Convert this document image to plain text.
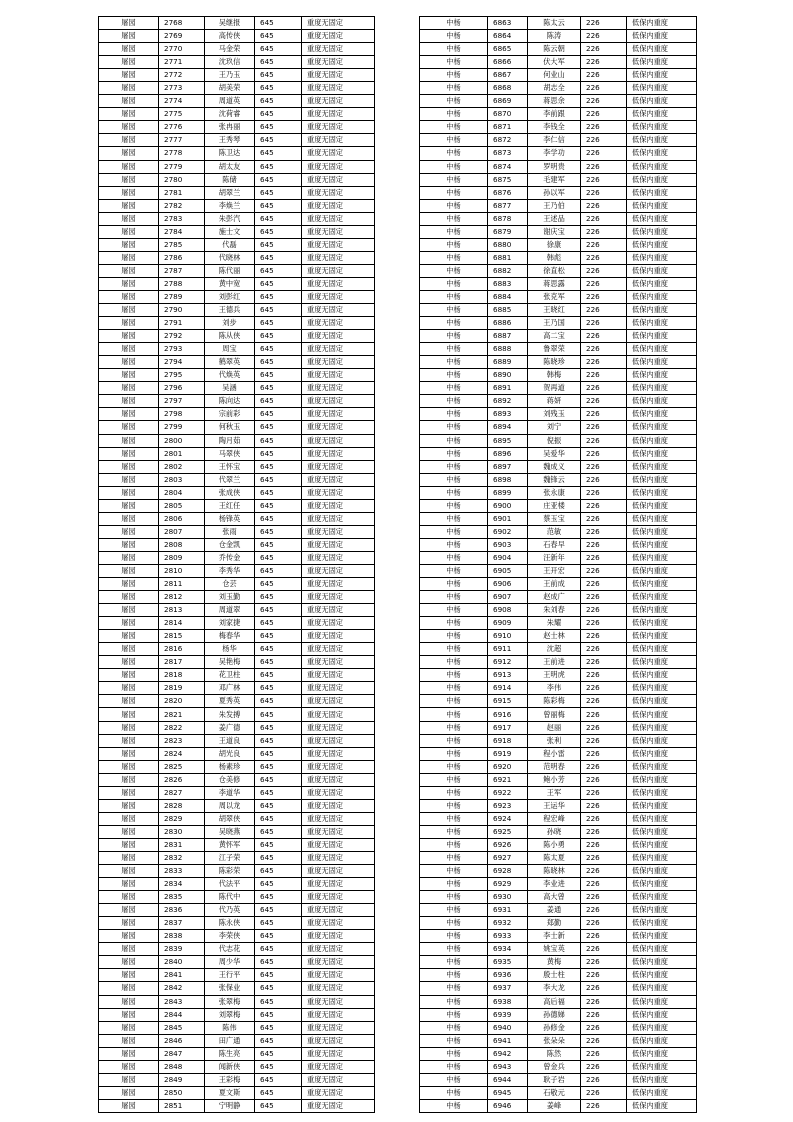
屠园	2768	吴继报	645	重度无固定
屠园	2769	高传侠	645	重度无固定
屠园	2770	马金荣	645	重度无固定
屠园	2771	沈玖信	645	重度无固定
屠园	2772	王乃玉	645	重度无固定
屠园	2773	胡美荣	645	重度无固定
屠园	2774	周道英	645	重度无固定
屠园	2775	沈荷睿	645	重度无固定
屠园	2776	张冉丽	645	重度无固定
屠园	2777	王秀琴	645	重度无固定
屠园	2778	陈卫达	645	重度无固定
屠园	2779	胡太友	645	重度无固定
屠园	2780	陈储	645	重度无固定
屠园	2781	胡翠兰	645	重度无固定
屠园	2782	李焕兰	645	重度无固定
屠园	2783	朱彭汽	645	重度无固定
屠园	2784	施士文	645	重度无固定
屠园	2785	代磊	645	重度无固定
屠园	2786	代晓林	645	重度无固定
屠园	2787	陈代丽	645	重度无固定
屠园	2788	黄中宽	645	重度无固定
屠园	2789	刘彭红	645	重度无固定
屠园	2790	王德兵	645	重度无固定
屠园	2791	刘步	645	重度无固定
屠园	2792	陈从侠	645	重度无固定
屠园	2793	周宝	645	重度无固定
屠园	2794	鹤翠英	645	重度无固定
屠园	2795	代焕英	645	重度无固定
屠园	2796	吴涵	645	重度无固定
屠园	2797	陈向达	645	重度无固定
屠园	2798	宗前彩	645	重度无固定
屠园	2799	何秋玉	645	重度无固定
屠园	2800	陶月茹	645	重度无固定
屠园	2801	马翠侠	645	重度无固定
屠园	2802	王怀宝	645	重度无固定
屠园	2803	代翠兰	645	重度无固定
屠园	2804	张成侠	645	重度无固定
屠园	2805	王红任	645	重度无固定
屠园	2806	杨锋英	645	重度无固定
屠园	2807	张雨	645	重度无固定
屠园	2808	仓金凯	645	重度无固定
屠园	2809	乔传金	645	重度无固定
屠园	2810	李秀华	645	重度无固定
屠园	2811	仓芸	645	重度无固定
屠园	2812	刘玉勤	645	重度无固定
屠园	2813	周道翠	645	重度无固定
屠园	2814	刘家捷	645	重度无固定
屠园	2815	梅春华	645	重度无固定
屠园	2816	杨华	645	重度无固定
屠园	2817	吴艳梅	645	重度无固定
屠园	2818	花卫柱	645	重度无固定
屠园	2819	邓广林	645	重度无固定
屠园	2820	夏秀英	645	重度无固定
屠园	2821	朱发搏	645	重度无固定
屠园	2822	姜广德	645	重度无固定
屠园	2823	王道良	645	重度无固定
屠园	2824	胡光良	645	重度无固定
屠园	2825	杨素珍	645	重度无固定
屠园	2826	仓美修	645	重度无固定
屠园	2827	李道华	645	重度无固定
屠园	2828	周以龙	645	重度无固定
屠园	2829	胡翠侠	645	重度无固定
屠园	2830	吴晓燕	645	重度无固定
屠园	2831	黄怀军	645	重度无固定
屠园	2832	江子荣	645	重度无固定
屠园	2833	陈彩荣	645	重度无固定
屠园	2834	代法平	645	重度无固定
屠园	2835	陈代中	645	重度无固定
屠园	2836	代乃英	645	重度无固定
屠园	2837	陈永侠	645	重度无固定
屠园	2838	李荣侠	645	重度无固定
屠园	2839	代志花	645	重度无固定
屠园	2840	周少华	645	重度无固定
屠园	2841	王行平	645	重度无固定
屠园	2842	张保业	645	重度无固定
屠园	2843	张翠梅	645	重度无固定
屠园	2844	刘翠梅	645	重度无固定
屠园	2845	陈伟	645	重度无固定
屠园	2846	田广通	645	重度无固定
屠园	2847	陈生亮	645	重度无固定
屠园	2848	闻新侠	645	重度无固定
屠园	2849	王彩梅	645	重度无固定
屠园	2850	夏文斯	645	重度无固定
屠园	2851	宁明静	645	重度无固定
中杨	6863	陈太云	226	低保内重度
中杨	6864	陈涛	226	低保内重度
中杨	6865	陈云朝	226	低保内重度
中杨	6866	伏大军	226	低保内重度
中杨	6867	何业山	226	低保内重度
中杨	6868	胡志全	226	低保内重度
中杨	6869	蒋思余	226	低保内重度
中杨	6870	李前跟	226	低保内重度
中杨	6871	李钱全	226	低保内重度
中杨	6872	李仁信	226	低保内重度
中杨	6873	李学功	226	低保内重度
中杨	6874	罗明贵	226	低保内重度
中杨	6875	毛建军	226	低保内重度
中杨	6876	孙以军	226	低保内重度
中杨	6877	王乃伯	226	低保内重度
中杨	6878	王述品	226	低保内重度
中杨	6879	谢庆宝	226	低保内重度
中杨	6880	徐康	226	低保内重度
中杨	6881	韩彪	226	低保内重度
中杨	6882	徐直松	226	低保内重度
中杨	6883	蒋思露	226	低保内重度
中杨	6884	张克军	226	低保内重度
中杨	6885	王晓红	226	低保内重度
中杨	6886	王乃国	226	低保内重度
中杨	6887	高二宝	226	低保内重度
中杨	6888	鲁翠荣	226	低保内重度
中杨	6889	陈晓珍	226	低保内重度
中杨	6890	韩梅	226	低保内重度
中杨	6891	贺再道	226	低保内重度
中杨	6892	蒋妍	226	低保内重度
中杨	6893	刘残玉	226	低保内重度
中杨	6894	刘宁	226	低保内重度
中杨	6895	倪振	226	低保内重度
中杨	6896	吴爱华	226	低保内重度
中杨	6897	魏成义	226	低保内重度
中杨	6898	魏锋云	226	低保内重度
中杨	6899	张永康	226	低保内重度
中杨	6900	庄亚楼	226	低保内重度
中杨	6901	蔡玉宝	226	低保内重度
中杨	6902	范敏	226	低保内重度
中杨	6903	石春早	226	低保内重度
中杨	6904	汪新年	226	低保内重度
中杨	6905	王开宏	226	低保内重度
中杨	6906	王前成	226	低保内重度
中杨	6907	赵成广	226	低保内重度
中杨	6908	朱刘春	226	低保内重度
中杨	6909	朱耀	226	低保内重度
中杨	6910	赵士林	226	低保内重度
中杨	6911	沈超	226	低保内重度
中杨	6912	王前进	226	低保内重度
中杨	6913	王明虎	226	低保内重度
中杨	6914	李伟	226	低保内重度
中杨	6915	陈彩梅	226	低保内重度
中杨	6916	曾丽梅	226	低保内重度
中杨	6917	赵丽	226	低保内重度
中杨	6918	张利	226	低保内重度
中杨	6919	程小雷	226	低保内重度
中杨	6920	范明春	226	低保内重度
中杨	6921	鲍小芳	226	低保内重度
中杨	6922	王军	226	低保内重度
中杨	6923	王运华	226	低保内重度
中杨	6924	程宏峰	226	低保内重度
中杨	6925	孙晓	226	低保内重度
中杨	6926	陈小勇	226	低保内重度
中杨	6927	陈太夏	226	低保内重度
中杨	6928	陈晓林	226	低保内重度
中杨	6929	李业进	226	低保内重度
中杨	6930	高大曾	226	低保内重度
中杨	6931	姜通	226	低保内重度
中杨	6932	郑勤	226	低保内重度
中杨	6933	李士新	226	低保内重度
中杨	6934	姚宝英	226	低保内重度
中杨	6935	黄梅	226	低保内重度
中杨	6936	殷士柱	226	低保内重度
中杨	6937	李大龙	226	低保内重度
中杨	6938	高后福	226	低保内重度
中杨	6939	孙德娣	226	低保内重度
中杨	6940	孙修金	226	低保内重度
中杨	6941	张朵朵	226	低保内重度
中杨	6942	陈然	226	低保内重度
中杨	6943	曾金兵	226	低保内重度
中杨	6944	耿子岩	226	低保内重度
中杨	6945	石敬元	226	低保内重度
中杨	6946	姜峰	226	低保内重度
